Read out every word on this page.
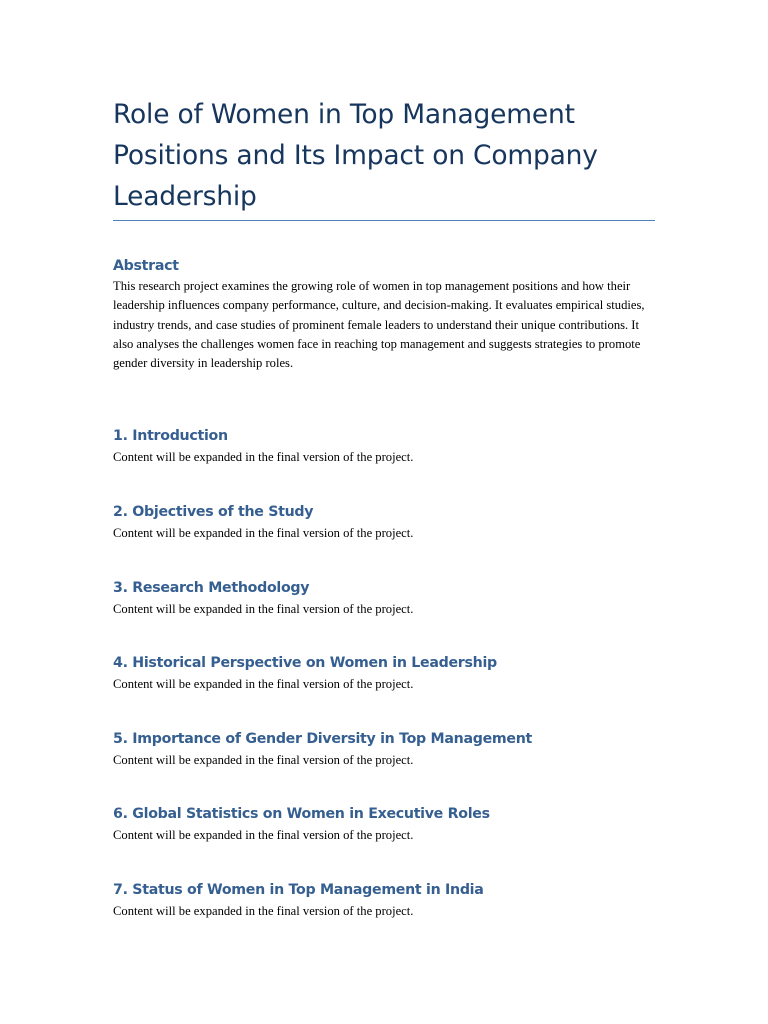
Role of Women in Top Management Positions and Its Impact on Company Leadership
Abstract

This research project examines the growing role of women in top management positions and how their leadership influences company performance, culture, and decision-making. It evaluates empirical studies, industry trends, and case studies of prominent female leaders to understand their unique contributions. It also analyses the challenges women face in reaching top management and suggests strategies to promote gender diversity in leadership roles.

1. Introduction

Content will be expanded in the final version of the project.

2. Objectives of the Study

Content will be expanded in the final version of the project.

3. Research Methodology

Content will be expanded in the final version of the project.

4. Historical Perspective on Women in Leadership

Content will be expanded in the final version of the project.

5. Importance of Gender Diversity in Top Management

Content will be expanded in the final version of the project.

6. Global Statistics on Women in Executive Roles

Content will be expanded in the final version of the project.

7. Status of Women in Top Management in India

Content will be expanded in the final version of the project.
